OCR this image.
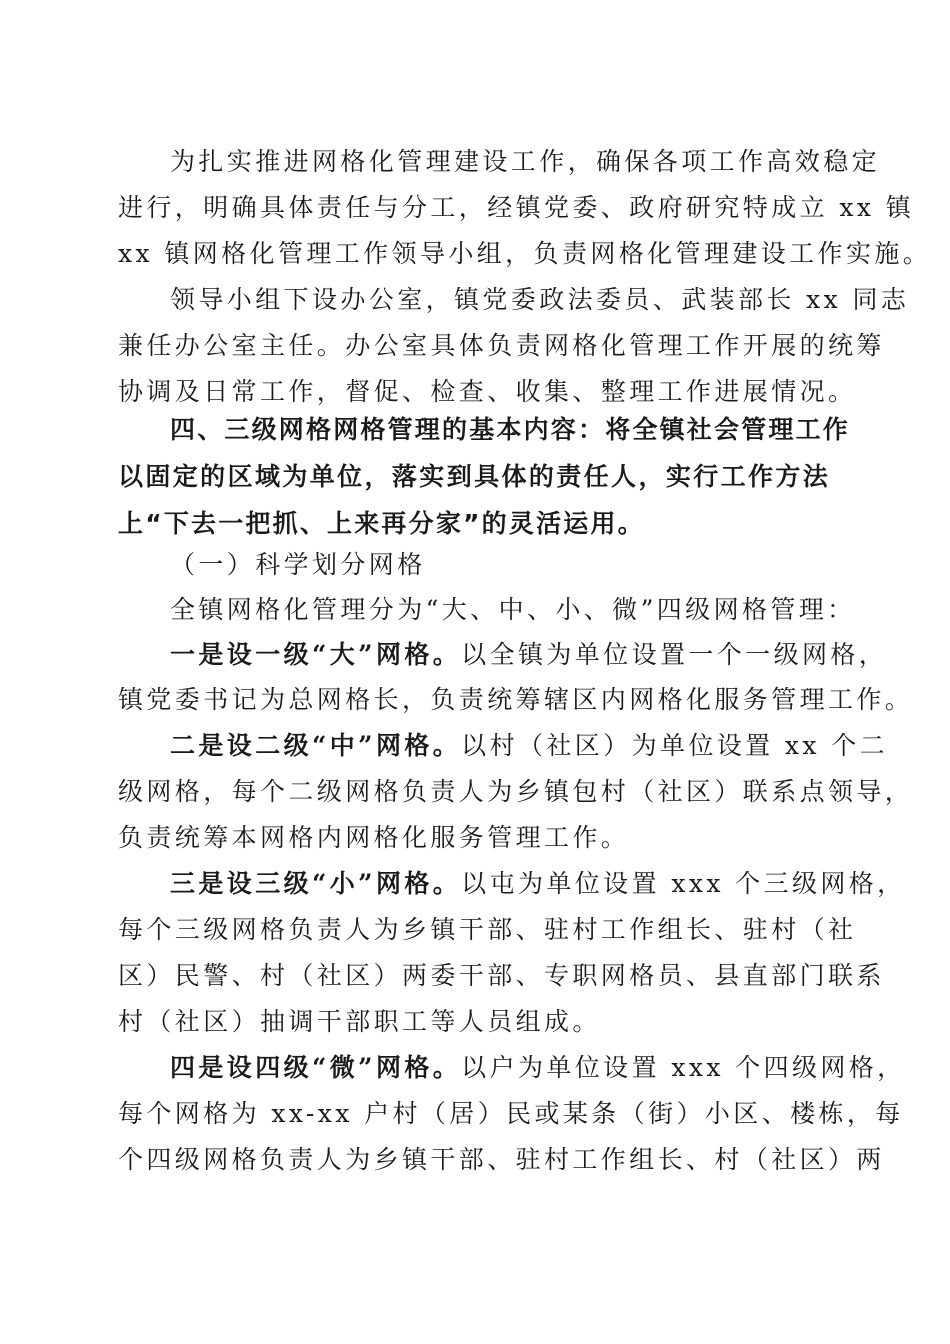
为扎实推进网格化管理建设工作，确保各项工作高效稳定
进行，明确具体责任与分工，经镇党委、政府研究特成立 xx 镇
xx 镇网格化管理工作领导小组，负责网格化管理建设工作实施。
领导小组下设办公室，镇党委政法委员、武装部长 xx 同志
兼任办公室主任。办公室具体负责网格化管理工作开展的统筹
协调及日常工作，督促、检查、收集、整理工作进展情况。
四、三级网格网格管理的基本内容：将全镇社会管理工作
以固定的区域为单位，落实到具体的责任人，实行工作方法
上“下去一把抓、上来再分家”的灵活运用。
（一）科学划分网格
全镇网格化管理分为“大、中、小、微”四级网格管理：
一是设一级“大”网格。以全镇为单位设置一个一级网格，
镇党委书记为总网格长，负责统筹辖区内网格化服务管理工作。
二是设二级“中”网格。以村（社区）为单位设置 xx 个二
级网格，每个二级网格负责人为乡镇包村（社区）联系点领导，
负责统筹本网格内网格化服务管理工作。
三是设三级“小”网格。以屯为单位设置 xxx 个三级网格，
每个三级网格负责人为乡镇干部、驻村工作组长、驻村（社
区）民警、村（社区）两委干部、专职网格员、县直部门联系
村（社区）抽调干部职工等人员组成。
四是设四级“微”网格。以户为单位设置 xxx 个四级网格，
每个网格为 xx-xx 户村（居）民或某条（街）小区、楼栋，每
个四级网格负责人为乡镇干部、驻村工作组长、村（社区）两
